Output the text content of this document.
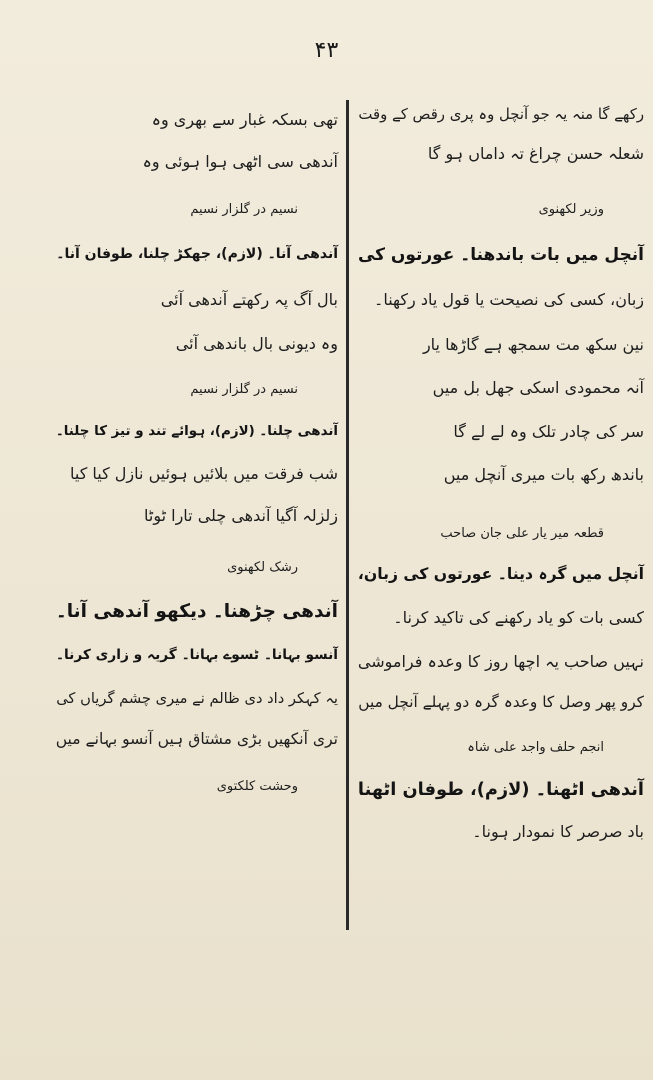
۴۳
رکھے گا منہ یہ جو آنچل وہ پری رقص کے وقت
شعلہ حسن چراغ تہ داماں ہو گا
وزیر لکھنوی
آنچل میں بات باندھنا۔ عورتوں کی
زبان، کسی کی نصیحت یا قول یاد رکھنا۔
نین سکھ مت سمجھ ہے گاڑھا یار
آنہ محمودی اسکی جھل بل میں
سر کی چادر تلک وہ لے لے گا
باندھ رکھ بات میری آنچل میں
قطعہ میر یار علی جان صاحب
آنچل میں گرہ دینا۔ عورتوں کی زبان،
کسی بات کو یاد رکھنے کی تاکید کرنا۔
نہیں صاحب یہ اچھا روز کا وعدہ فراموشی
کرو پھر وصل کا وعدہ گرہ دو پہلے آنچل میں
انجم حلف واجد علی شاہ
آندھی اٹھنا۔ (لازم)، طوفان اٹھنا
باد صرصر کا نمودار ہونا۔
تھی بسکہ غبار سے بھری وہ
آندھی سی اٹھی ہوا ہوئی وہ
نسیم در گلزار نسیم
آندھی آنا۔ (لازم)، جھکڑ چلنا، طوفان آنا۔
بال آگ پہ رکھتے آندھی آئی
وہ دیونی بال باندھی آئی
نسیم در گلزار نسیم
آندھی چلنا۔ (لازم)، ہوائے تند و تیز کا چلنا۔
شب فرقت میں بلائیں ہوئیں نازل کیا کیا
زلزلہ آگیا آندھی چلی تارا ٹوٹا
رشک لکھنوی
آندھی چڑھنا۔ دیکھو آندھی آنا۔
آنسو بہانا۔ ٹسوے بہانا۔ گریہ و زاری کرنا۔
یہ کہکر داد دی ظالم نے میری چشم گریاں کی
تری آنکھیں بڑی مشتاق ہیں آنسو بہانے میں
وحشت کلکتوی
